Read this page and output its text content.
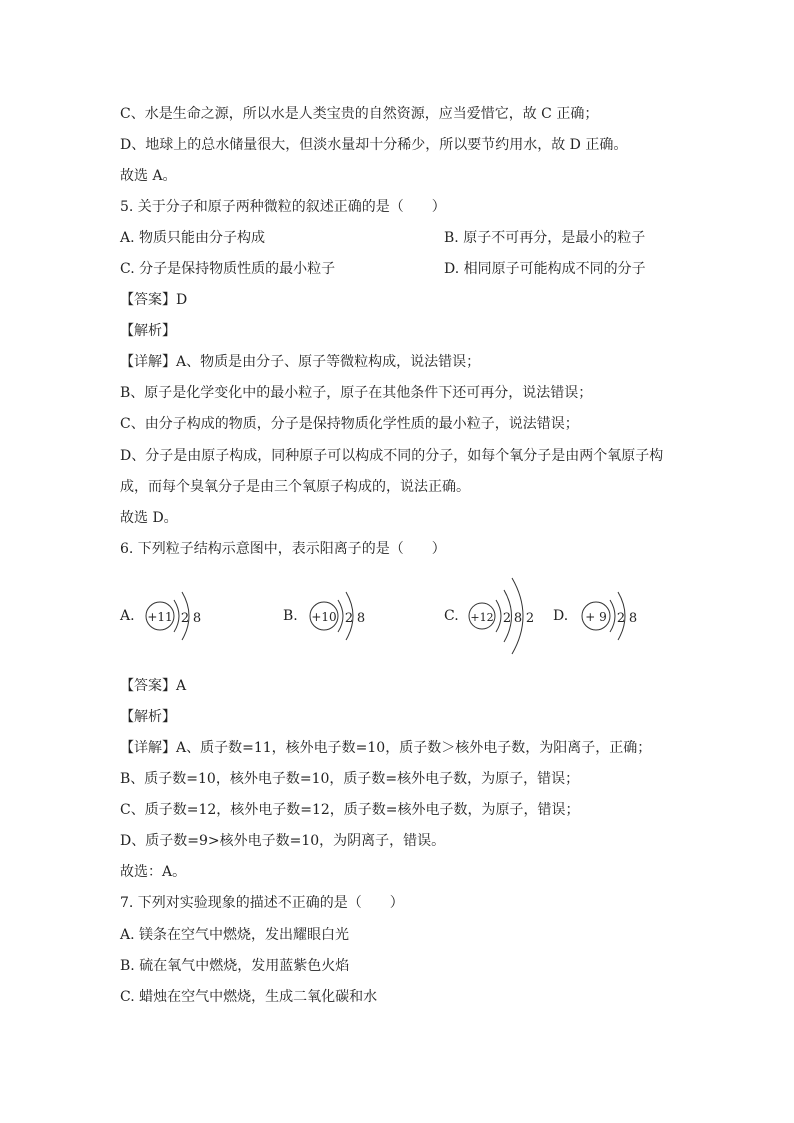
C、水是生命之源，所以水是人类宝贵的自然资源，应当爱惜它，故 C 正确；
D、地球上的总水储量很大，但淡水量却十分稀少，所以要节约用水，故 D 正确。
故选 A。
5. 关于分子和原子两种微粒的叙述正确的是（　　）
A. 物质只能由分子构成	B. 原子不可再分，是最小的粒子
C. 分子是保持物质性质的最小粒子	D. 相同原子可能构成不同的分子
【答案】D
【解析】
【详解】A、物质是由分子、原子等微粒构成，说法错误；
B、原子是化学变化中的最小粒子，原子在其他条件下还可再分，说法错误；
C、由分子构成的物质，分子是保持物质化学性质的最小粒子，说法错误；
D、分子是由原子构成，同种原子可以构成不同的分子，如每个氧分子是由两个氧原子构
成，而每个臭氧分子是由三个氧原子构成的，说法正确。
故选 D。
6. 下列粒子结构示意图中，表示阳离子的是（　　）
A. +11 2 8	B. +10 2 8	C. +12 2 8 2 D. + 9 2 8
【答案】A
【解析】
【详解】A、质子数=11，核外电子数=10，质子数＞核外电子数，为阳离子，正确；
B、质子数=10，核外电子数=10，质子数=核外电子数，为原子，错误；
C、质子数=12，核外电子数=12，质子数=核外电子数，为原子，错误；
D、质子数=9>核外电子数=10，为阴离子，错误。
故选：A。
7. 下列对实验现象的描述不正确的是（　　）
A. 镁条在空气中燃烧，发出耀眼白光
B. 硫在氧气中燃烧，发用蓝紫色火焰
C. 蜡烛在空气中燃烧，生成二氧化碳和水
